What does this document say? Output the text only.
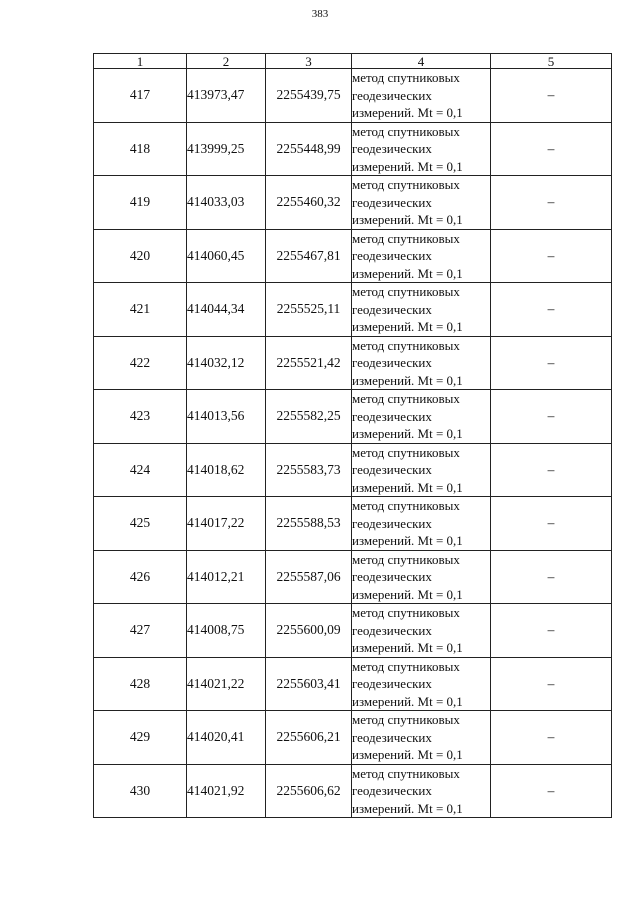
383
1	2	3	4	5
417	413973,47	2255439,75	метод спутниковых
геодезических
измерений. Mt = 0,1	–
418	413999,25	2255448,99	метод спутниковых
геодезических
измерений. Mt = 0,1	–
419	414033,03	2255460,32	метод спутниковых
геодезических
измерений. Mt = 0,1	–
420	414060,45	2255467,81	метод спутниковых
геодезических
измерений. Mt = 0,1	–
421	414044,34	2255525,11	метод спутниковых
геодезических
измерений. Mt = 0,1	–
422	414032,12	2255521,42	метод спутниковых
геодезических
измерений. Mt = 0,1	–
423	414013,56	2255582,25	метод спутниковых
геодезических
измерений. Mt = 0,1	–
424	414018,62	2255583,73	метод спутниковых
геодезических
измерений. Mt = 0,1	–
425	414017,22	2255588,53	метод спутниковых
геодезических
измерений. Mt = 0,1	–
426	414012,21	2255587,06	метод спутниковых
геодезических
измерений. Mt = 0,1	–
427	414008,75	2255600,09	метод спутниковых
геодезических
измерений. Mt = 0,1	–
428	414021,22	2255603,41	метод спутниковых
геодезических
измерений. Mt = 0,1	–
429	414020,41	2255606,21	метод спутниковых
геодезических
измерений. Mt = 0,1	–
430	414021,92	2255606,62	метод спутниковых
геодезических
измерений. Mt = 0,1	–
